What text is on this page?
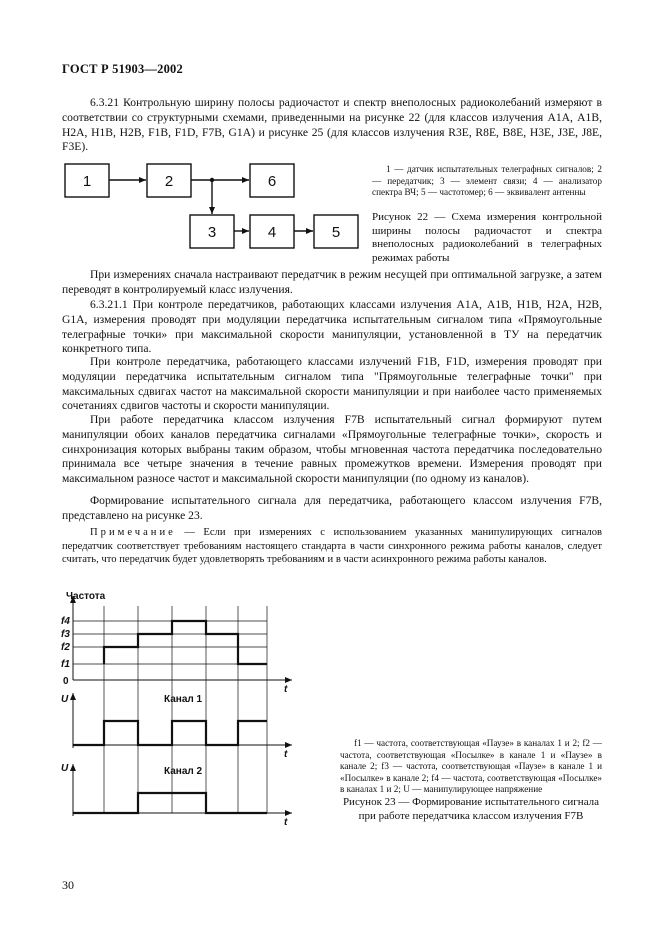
ГОСТ Р 51903—2002
6.3.21 Контрольную ширину полосы радиочастот и спектр внеполосных радиоколебаний измеряют в соответствии со структурными схемами, приведенными на рисунке 22 (для классов излучения А1А, А1В, Н2А, Н1В, Н2В, F1B, F1D, F7B, G1A) и рисунке 25 (для классов излучения R3E, R8E, B8E, H3E, J3E, J8E, F3E).
1	2	6
3	4	5
1 — датчик испытательных телеграфных сигналов; 2 — передатчик; 3 — элемент связи; 4 — анализатор спектра ВЧ; 5 — частотомер; 6 — эквивалент антенны
Рисунок 22 — Схема измерения контрольной ширины полосы радиочастот и спектра внеполосных радиоколебаний в телеграфных режимах работы
При измерениях сначала настраивают передатчик в режим несущей при оптимальной загрузке, а затем переводят в контролируемый класс излучения.
6.3.21.1 При контроле передатчиков, работающих классами излучения А1А, А1В, Н1В, Н2А, Н2В, G1A, измерения проводят при модуляции передатчика испытательным сигналом типа «Прямоугольные телеграфные точки» при максимальной скорости манипуляции, установленной в ТУ на передатчик конкретного типа.
При контроле передатчика, работающего классами излучений F1B, F1D, измерения проводят при модуляции передатчика испытательным сигналом типа "Прямоугольные телеграфные точки" при максимальных сдвигах частот на максимальной скорости манипуляции и при наиболее часто применяемых сочетаниях сдвигов частоты и скорости манипуляции.
При работе передатчика классом излучения F7B испытательный сигнал формируют путем манипуляции обоих каналов передатчика сигналами «Прямоугольные телеграфные точки», скорость и синхронизация которых выбраны таким образом, чтобы мгновенная частота передатчика последовательно принимала все четыре значения в течение равных промежутков времени. Измерения проводят при максимальном разносе частот и максимальной скорости манипуляции (по одному из каналов).
Формирование испытательного сигнала для передатчика, работающего классом излучения F7B, представлено на рисунке 23.
Примечание — Если при измерениях с использованием указанных манипулирующих сигналов передатчик соответствует требованиям настоящего стандарта в части синхронного режима работы каналов, следует считать, что передатчик будет удовлетворять требованиям и в части асинхронного режима работы каналов.
Частота
f4
f3
f2
f1
0
t
U	Канал 1
t
U	Канал 2
t
f1 — частота, соответствующая «Паузе» в каналах 1 и 2; f2 — частота, соответствующая «Посылке» в канале 1 и «Паузе» в канале 2; f3 — частота, соответствующая «Паузе» в канале 1 и «Посылке» в канале 2; f4 — частота, соответствующая «Посылке» в каналах 1 и 2; U — манипулирующее напряжение
Рисунок 23 — Формирование испытательного сигнала при работе передатчика классом излучения F7B
30
